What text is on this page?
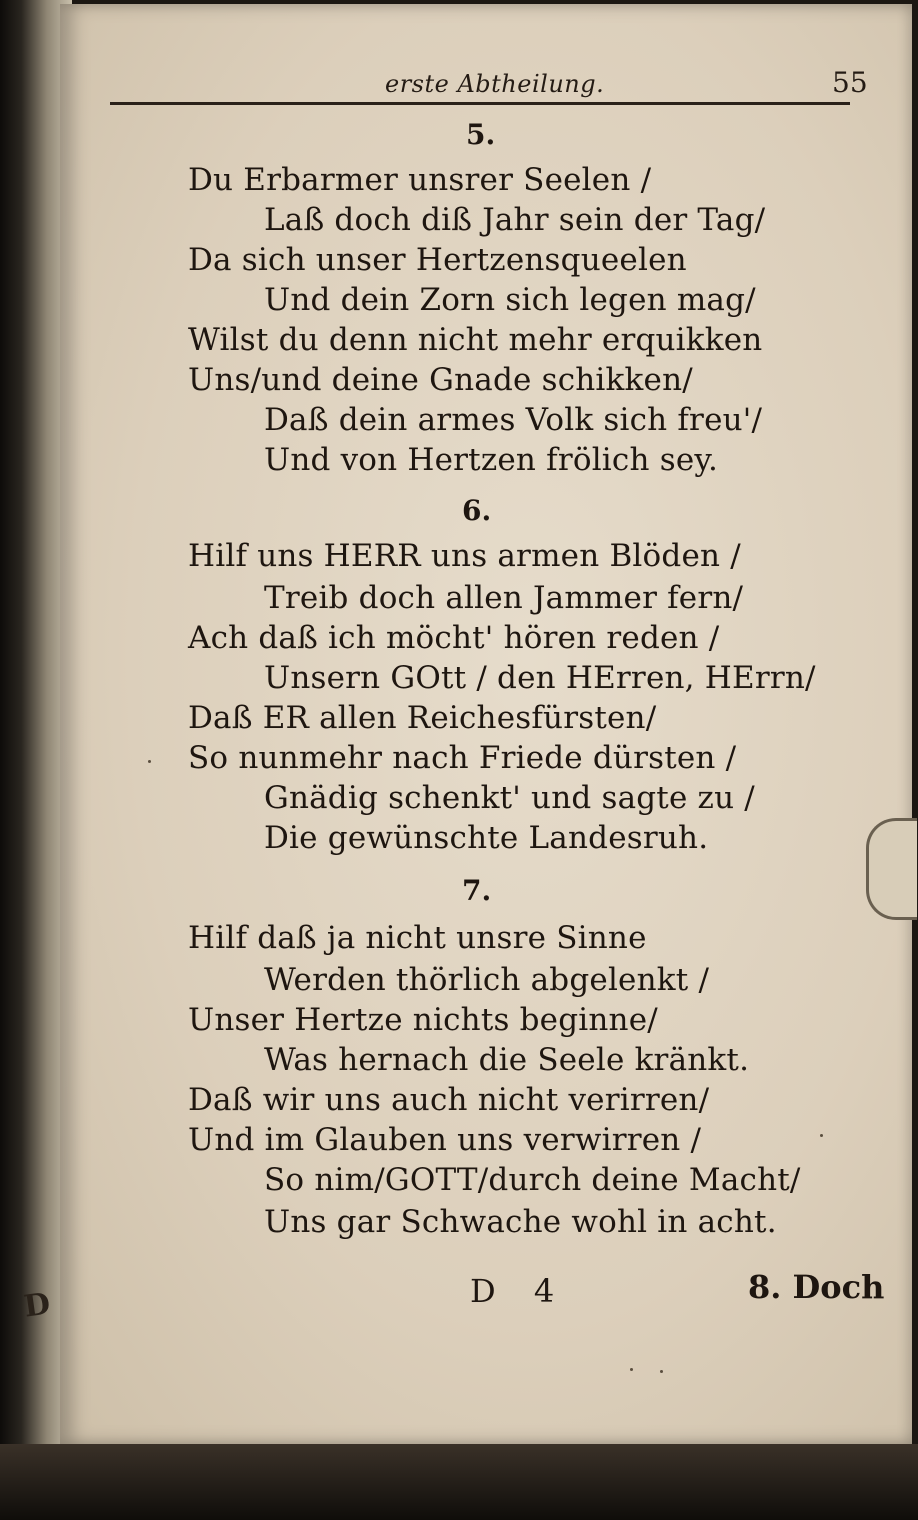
D
erste Abtheilung.	55
5.
Du Erbarmer unsrer Seelen /
Laß doch diß Jahr sein der Tag/
Da sich unser Hertzensqueelen
Und dein Zorn sich legen mag/
Wilst du denn nicht mehr erquikken
Uns/und deine Gnade schikken/
Daß dein armes Volk sich freu'/
Und von Hertzen frölich sey.
6.
Hilf uns HERR uns armen Blöden /
Treib doch allen Jammer fern/
Ach daß ich möcht' hören reden /
Unsern GOtt / den HErren, HErrn/
Daß ER allen Reichesfürsten/
So nunmehr nach Friede dürsten /
Gnädig schenkt' und sagte zu /
Die gewünschte Landesruh.
7.
Hilf daß ja nicht unsre Sinne
Werden thörlich abgelenkt /
Unser Hertze nichts beginne/
Was hernach die Seele kränkt.
Daß wir uns auch nicht verirren/
Und im Glauben uns verwirren /
So nim/GOTT/durch deine Macht/
Uns gar Schwache wohl in acht.
D 4	8. Doch
